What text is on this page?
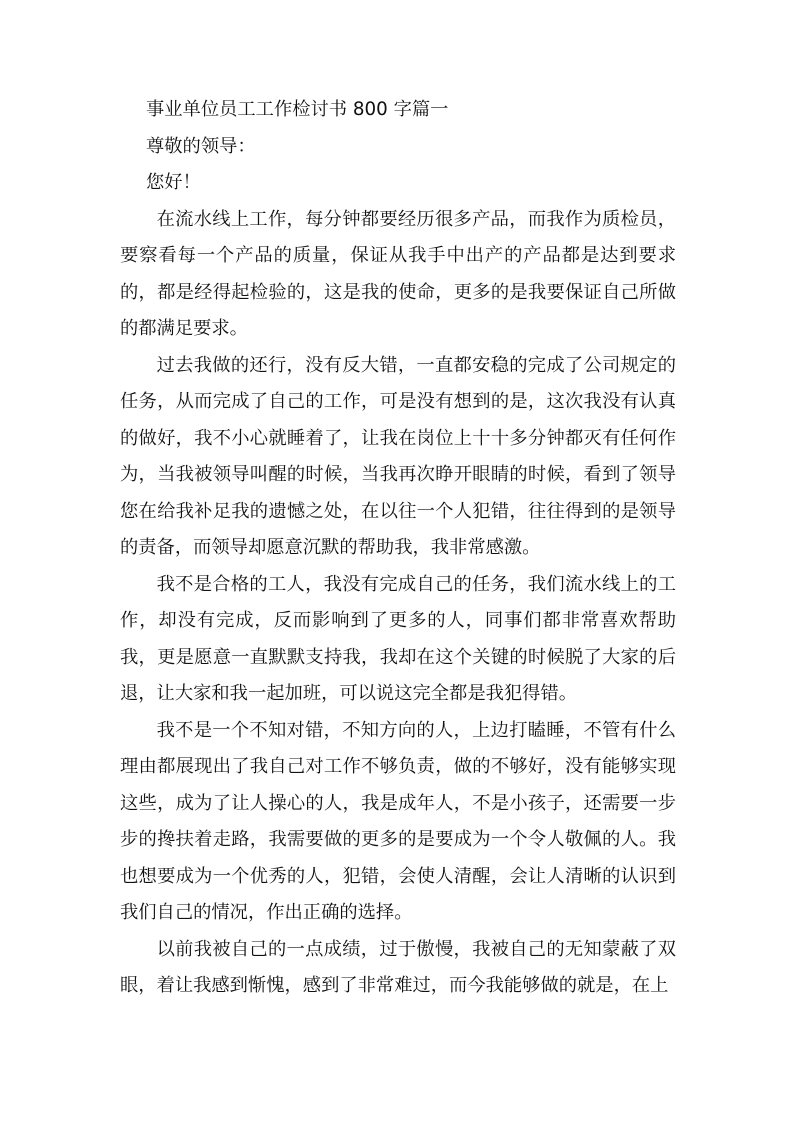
事业单位员工工作检讨书 800 字篇一

尊敬的领导：

您好！

在流水线上工作，每分钟都要经历很多产品，而我作为质检员，要察看每一个产品的质量，保证从我手中出产的产品都是达到要求的，都是经得起检验的，这是我的使命，更多的是我要保证自己所做的都满足要求。

过去我做的还行，没有反大错，一直都安稳的完成了公司规定的任务，从而完成了自己的工作，可是没有想到的是，这次我没有认真的做好，我不小心就睡着了，让我在岗位上十十多分钟都灭有任何作为，当我被领导叫醒的时候，当我再次睁开眼睛的时候，看到了领导您在给我补足我的遗憾之处，在以往一个人犯错，往往得到的是领导的责备，而领导却愿意沉默的帮助我，我非常感激。

我不是合格的工人，我没有完成自己的任务，我们流水线上的工作，却没有完成，反而影响到了更多的人，同事们都非常喜欢帮助我，更是愿意一直默默支持我，我却在这个关键的时候脱了大家的后退，让大家和我一起加班，可以说这完全都是我犯得错。

我不是一个不知对错，不知方向的人，上边打瞌睡，不管有什么理由都展现出了我自己对工作不够负责，做的不够好，没有能够实现这些，成为了让人操心的人，我是成年人，不是小孩子，还需要一步步的搀扶着走路，我需要做的更多的是要成为一个令人敬佩的人。我也想要成为一个优秀的人，犯错，会使人清醒，会让人清晰的认识到我们自己的情况，作出正确的选择。

以前我被自己的一点成绩，过于傲慢，我被自己的无知蒙蔽了双眼，着让我感到惭愧，感到了非常难过，而今我能够做的就是，在上
